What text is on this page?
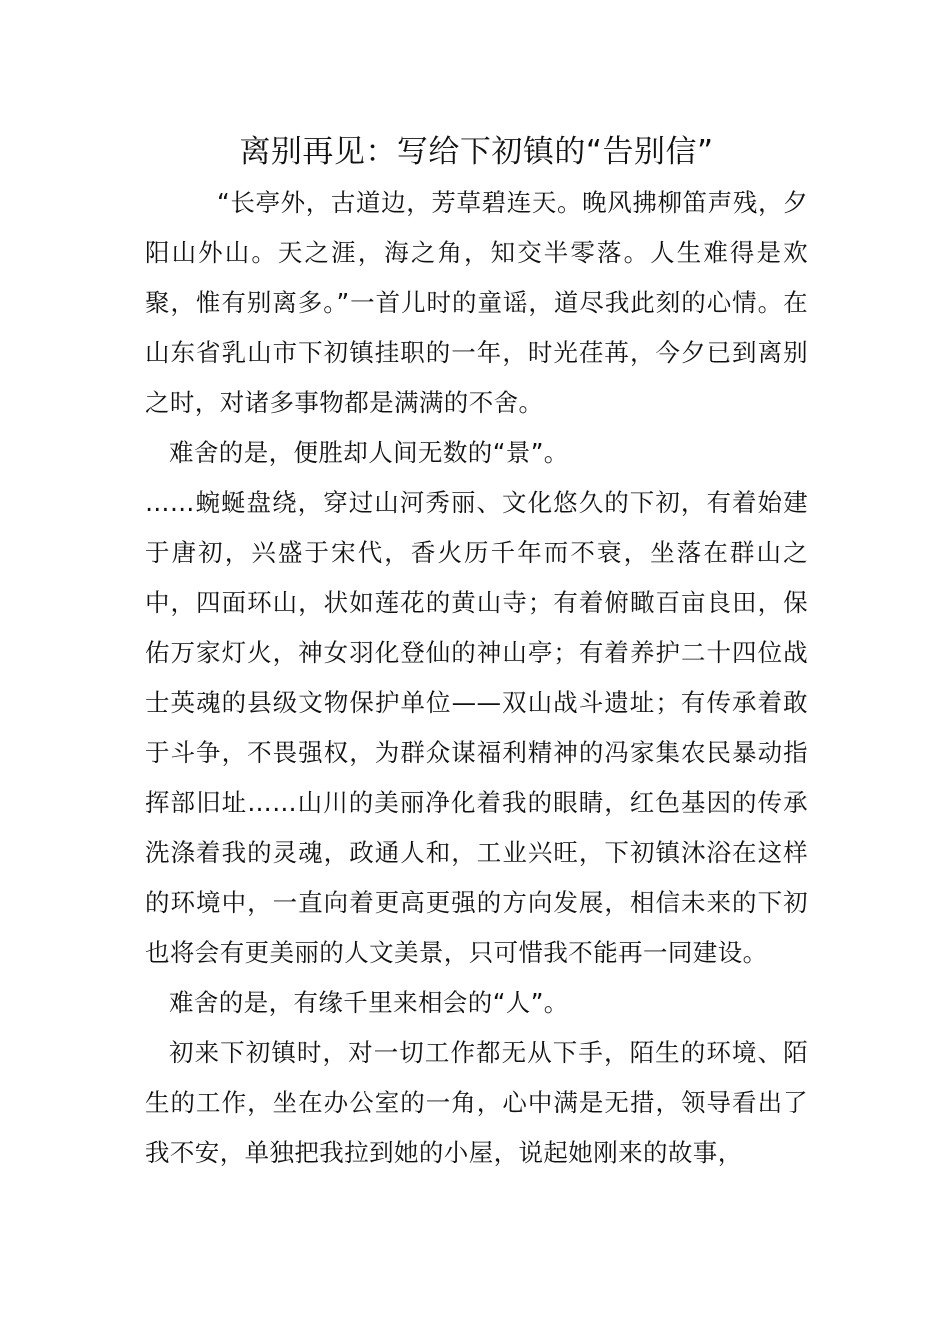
离别再见：写给下初镇的“告别信”

“长亭外，古道边，芳草碧连天。晚风拂柳笛声残，夕阳山外山。天之涯，海之角，知交半零落。人生难得是欢聚，惟有别离多。”一首儿时的童谣，道尽我此刻的心情。在山东省乳山市下初镇挂职的一年，时光荏苒，今夕已到离别之时，对诸多事物都是满满的不舍。

难舍的是，便胜却人间无数的“景”。

……蜿蜒盘绕，穿过山河秀丽、文化悠久的下初，有着始建于唐初，兴盛于宋代，香火历千年而不衰，坐落在群山之中，四面环山，状如莲花的黄山寺；有着俯瞰百亩良田，保佑万家灯火，神女羽化登仙的神山亭；有着养护二十四位战士英魂的县级文物保护单位——双山战斗遗址；有传承着敢于斗争，不畏强权，为群众谋福利精神的冯家集农民暴动指挥部旧址……山川的美丽净化着我的眼睛，红色基因的传承洗涤着我的灵魂，政通人和，工业兴旺，下初镇沐浴在这样的环境中，一直向着更高更强的方向发展，相信未来的下初也将会有更美丽的人文美景，只可惜我不能再一同建设。

难舍的是，有缘千里来相会的“人”。

初来下初镇时，对一切工作都无从下手，陌生的环境、陌生的工作，坐在办公室的一角，心中满是无措，领导看出了我不安，单独把我拉到她的小屋，说起她刚来的故事，
